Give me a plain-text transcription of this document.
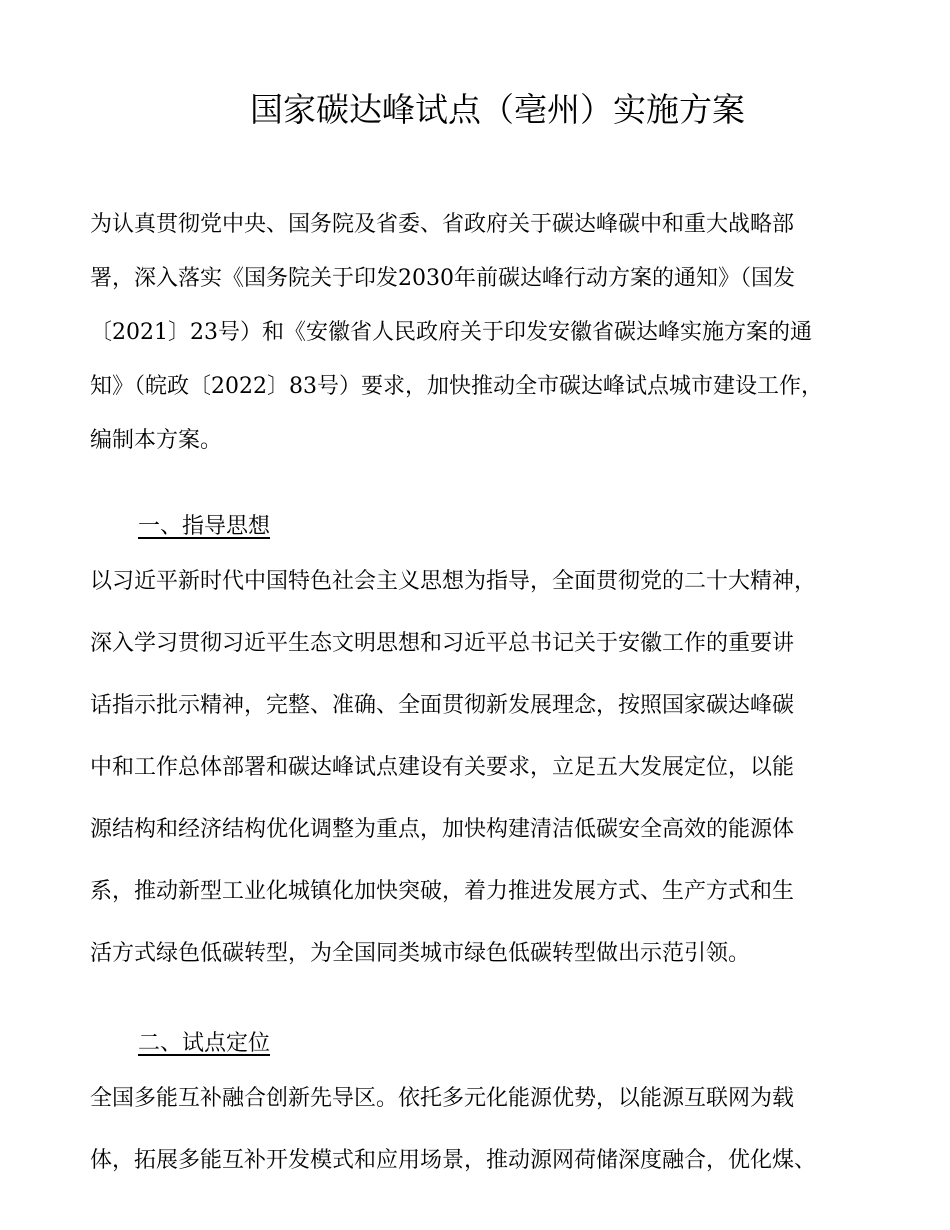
国家碳达峰试点（亳州）实施方案

为认真贯彻党中央、国务院及省委、省政府关于碳达峰碳中和重大战略部
署，深入落实《国务院关于印发2030年前碳达峰行动方案的通知》（国发
〔2021〕23号）和《安徽省人民政府关于印发安徽省碳达峰实施方案的通
知》（皖政〔2022〕83号）要求，加快推动全市碳达峰试点城市建设工作，
编制本方案。

一、指导思想

以习近平新时代中国特色社会主义思想为指导，全面贯彻党的二十大精神，
深入学习贯彻习近平生态文明思想和习近平总书记关于安徽工作的重要讲
话指示批示精神，完整、准确、全面贯彻新发展理念，按照国家碳达峰碳
中和工作总体部署和碳达峰试点建设有关要求，立足五大发展定位，以能
源结构和经济结构优化调整为重点，加快构建清洁低碳安全高效的能源体
系，推动新型工业化城镇化加快突破，着力推进发展方式、生产方式和生
活方式绿色低碳转型，为全国同类城市绿色低碳转型做出示范引领。

二、试点定位

全国多能互补融合创新先导区。依托多元化能源优势，以能源互联网为载
体，拓展多能互补开发模式和应用场景，推动源网荷储深度融合，优化煤、
